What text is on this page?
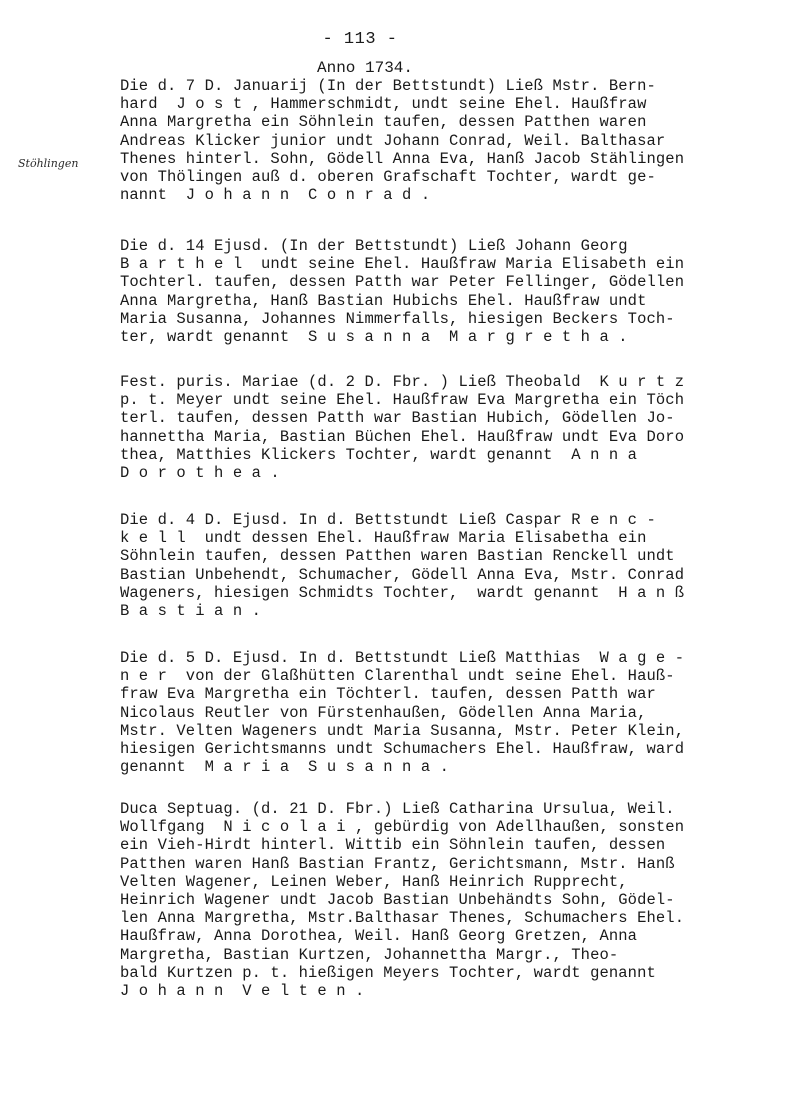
- 113 -
Anno 1734.
Stöhlingen

Die d. 7 D. Januarij (In der Bettstundt) Ließ Mstr. Bern-
hard  J o s t , Hammerschmidt, undt seine Ehel. Haußfraw
Anna Margretha ein Söhnlein taufen, dessen Patthen waren
Andreas Klicker junior undt Johann Conrad, Weil. Balthasar
Thenes hinterl. Sohn, Gödell Anna Eva, Hanß Jacob Stählingen
von Thölingen auß d. oberen Grafschaft Tochter, wardt ge-
nannt  J o h a n n  C o n r a d .

Die d. 14 Ejusd. (In der Bettstundt) Ließ Johann Georg
B a r t h e l  undt seine Ehel. Haußfraw Maria Elisabeth ein
Tochterl. taufen, dessen Patth war Peter Fellinger, Gödellen
Anna Margretha, Hanß Bastian Hubichs Ehel. Haußfraw undt
Maria Susanna, Johannes Nimmerfalls, hiesigen Beckers Toch-
ter, wardt genannt  S u s a n n a  M a r g r e t h a .

Fest. puris. Mariae (d. 2 D. Fbr. ) Ließ Theobald  K u r t z
p. t. Meyer undt seine Ehel. Haußfraw Eva Margretha ein Töch
terl. taufen, dessen Patth war Bastian Hubich, Gödellen Jo-
hannettha Maria, Bastian Büchen Ehel. Haußfraw undt Eva Doro
thea, Matthies Klickers Tochter, wardt genannt  A n n a
D o r o t h e a .

Die d. 4 D. Ejusd. In d. Bettstundt Ließ Caspar R e n c -
k e l l  undt dessen Ehel. Haußfraw Maria Elisabetha ein
Söhnlein taufen, dessen Patthen waren Bastian Renckell undt
Bastian Unbehendt, Schumacher, Gödell Anna Eva, Mstr. Conrad
Wageners, hiesigen Schmidts Tochter,  wardt genannt  H a n ß
B a s t i a n .

Die d. 5 D. Ejusd. In d. Bettstundt Ließ Matthias  W a g e -
n e r  von der Glaßhütten Clarenthal undt seine Ehel. Hauß-
fraw Eva Margretha ein Töchterl. taufen, dessen Patth war
Nicolaus Reutler von Fürstenhaußen, Gödellen Anna Maria,
Mstr. Velten Wageners undt Maria Susanna, Mstr. Peter Klein,
hiesigen Gerichtsmanns undt Schumachers Ehel. Haußfraw, ward
genannt  M a r i a  S u s a n n a .

Duca Septuag. (d. 21 D. Fbr.) Ließ Catharina Ursulua, Weil.
Wollfgang  N i c o l a i , gebürdig von Adellhaußen, sonsten
ein Vieh-Hirdt hinterl. Wittib ein Söhnlein taufen, dessen
Patthen waren Hanß Bastian Frantz, Gerichtsmann, Mstr. Hanß
Velten Wagener, Leinen Weber, Hanß Heinrich Rupprecht,
Heinrich Wagener undt Jacob Bastian Unbehändts Sohn, Gödel-
len Anna Margretha, Mstr.Balthasar Thenes, Schumachers Ehel.
Haußfraw, Anna Dorothea, Weil. Hanß Georg Gretzen, Anna
Margretha, Bastian Kurtzen, Johannettha Margr., Theo-
bald Kurtzen p. t. hießigen Meyers Tochter, wardt genannt
J o h a n n  V e l t e n .
